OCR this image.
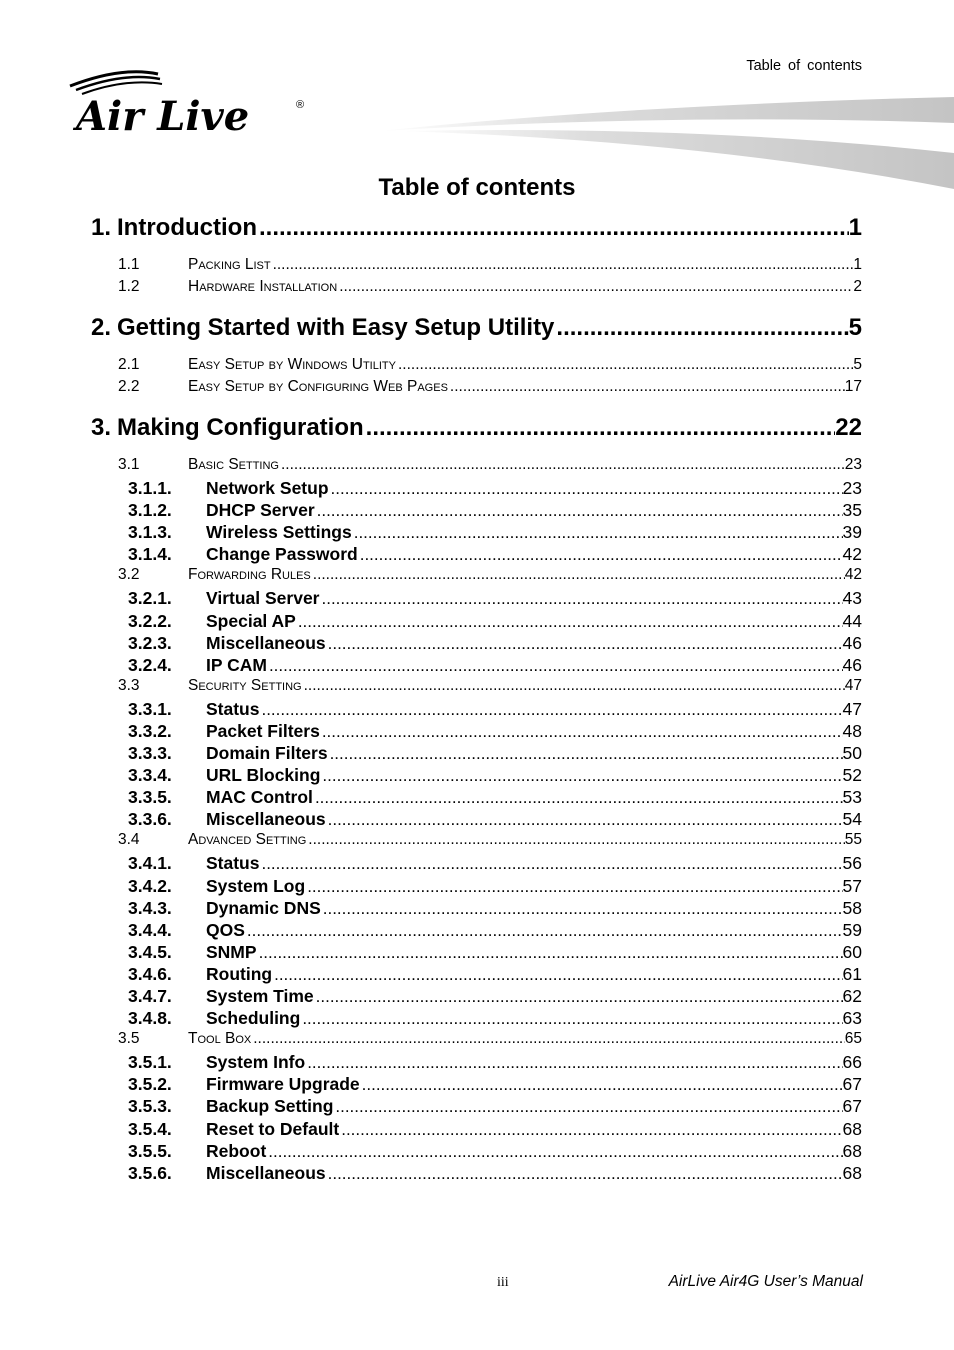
Table of contents
Air Live	®
Table of contents
1. Introduction .....	1
1.1	Packing List .....	1
1.2	Hardware Installation .....	2
2. Getting Started with Easy Setup Utility .....	5
2.1	Easy Setup by Windows Utility .....	5
2.2	Easy Setup by Configuring Web Pages .....	17
3. Making Configuration .....	22
3.1	Basic Setting .....	23
3.1.1.	Network Setup .....	23
3.1.2.	DHCP Server .....	35
3.1.3.	Wireless Settings .....	39
3.1.4.	Change Password .....	42
3.2	Forwarding Rules .....	42
3.2.1.	Virtual Server .....	43
3.2.2.	Special AP .....	44
3.2.3.	Miscellaneous .....	46
3.2.4.	IP CAM .....	46
3.3	Security Setting .....	47
3.3.1.	Status .....	47
3.3.2.	Packet Filters .....	48
3.3.3.	Domain Filters .....	50
3.3.4.	URL Blocking .....	52
3.3.5.	MAC Control .....	53
3.3.6.	Miscellaneous .....	54
3.4	Advanced Setting .....	55
3.4.1.	Status .....	56
3.4.2.	System Log .....	57
3.4.3.	Dynamic DNS .....	58
3.4.4.	QOS .....	59
3.4.5.	SNMP .....	60
3.4.6.	Routing .....	61
3.4.7.	System Time .....	62
3.4.8.	Scheduling .....	63
3.5	Tool Box .....	65
3.5.1.	System Info .....	66
3.5.2.	Firmware Upgrade .....	67
3.5.3.	Backup Setting .....	67
3.5.4.	Reset to Default .....	68
3.5.5.	Reboot .....	68
3.5.6.	Miscellaneous .....	68
iii	AirLive Air4G User’s Manual
